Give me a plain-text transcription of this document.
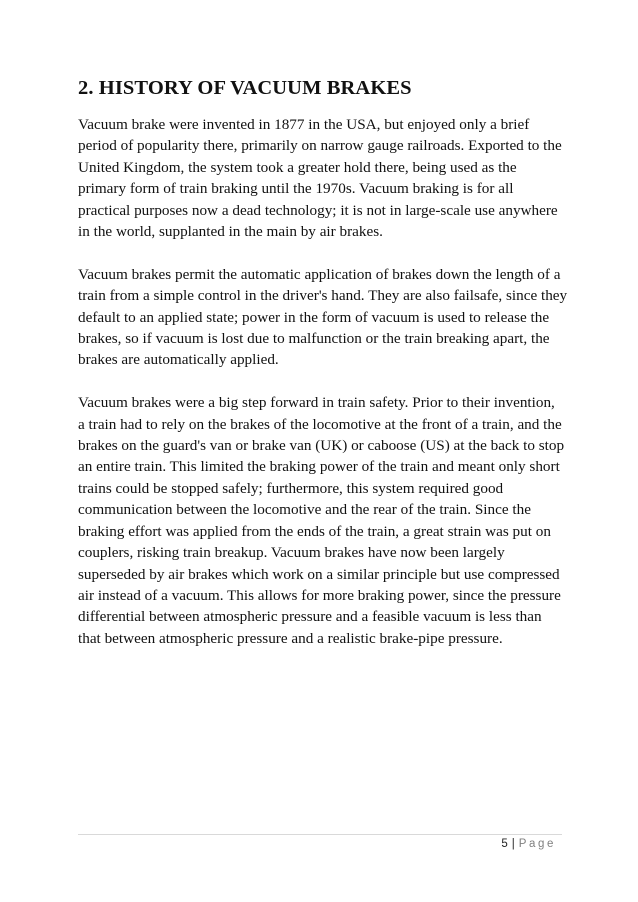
2. HISTORY OF VACUUM BRAKES

Vacuum brake were invented in 1877 in the USA, but enjoyed only a brief
period of popularity there, primarily on narrow gauge railroads. Exported to the
United Kingdom, the system took a greater hold there, being used as the
primary form of train braking until the 1970s. Vacuum braking is for all
practical purposes now a dead technology; it is not in large-scale use anywhere
in the world, supplanted in the main by air brakes.

Vacuum brakes permit the automatic application of brakes down the length of a
train from a simple control in the driver's hand. They are also failsafe, since they
default to an applied state; power in the form of vacuum is used to release the
brakes, so if vacuum is lost due to malfunction or the train breaking apart, the
brakes are automatically applied.

Vacuum brakes were a big step forward in train safety. Prior to their invention,
a train had to rely on the brakes of the locomotive at the front of a train, and the
brakes on the guard's van or brake van (UK) or caboose (US) at the back to stop
an entire train. This limited the braking power of the train and meant only short
trains could be stopped safely; furthermore, this system required good
communication between the locomotive and the rear of the train. Since the
braking effort was applied from the ends of the train, a great strain was put on
couplers, risking train breakup. Vacuum brakes have now been largely
superseded by air brakes which work on a similar principle but use compressed
air instead of a vacuum. This allows for more braking power, since the pressure
differential between atmospheric pressure and a feasible vacuum is less than
that between atmospheric pressure and a realistic brake-pipe pressure.

5 | Page
